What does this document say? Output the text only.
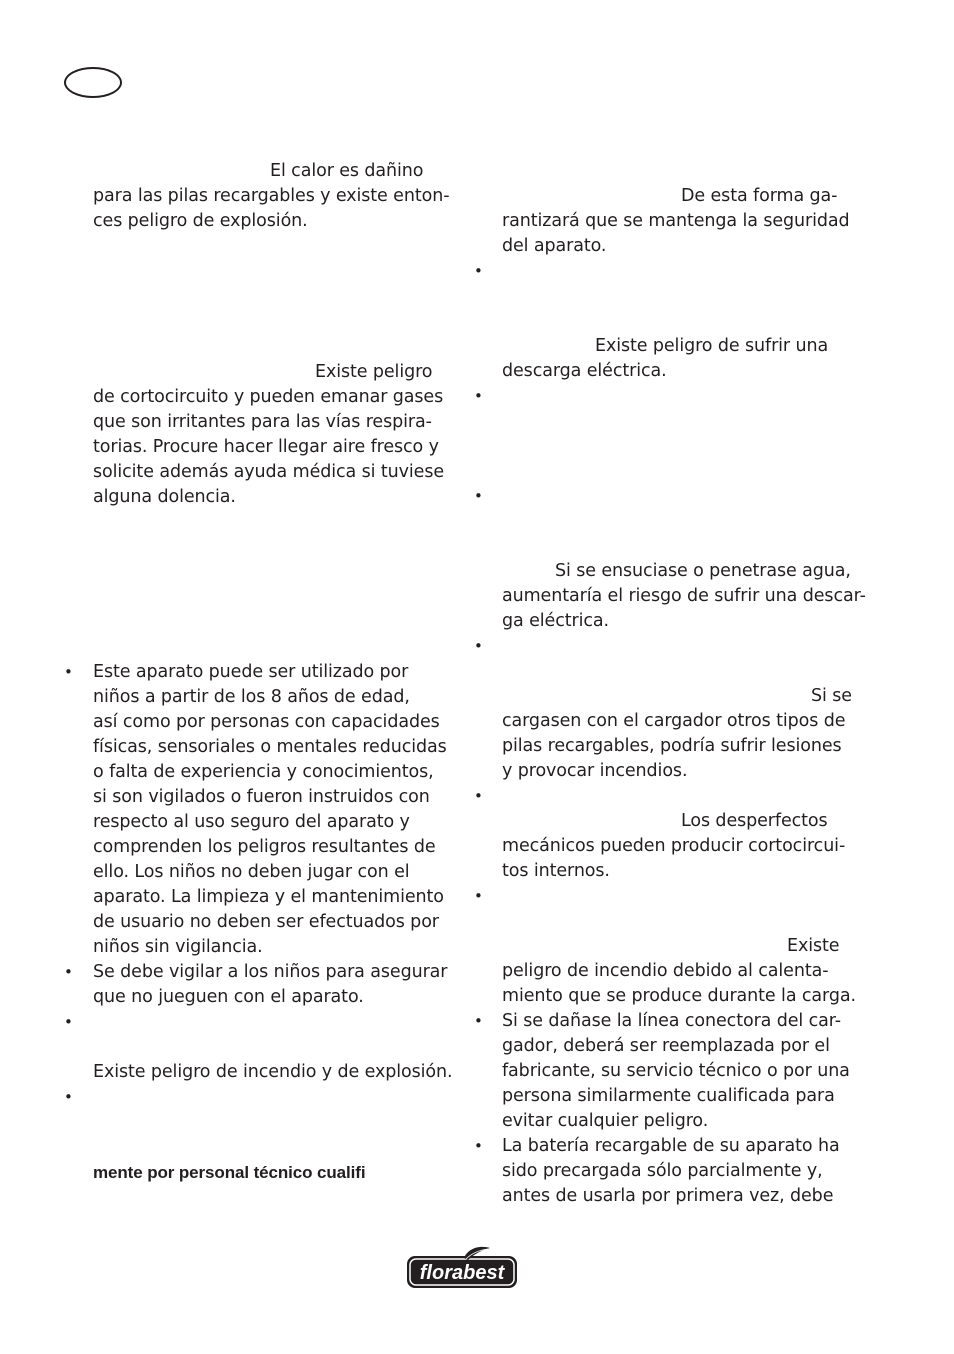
El calor es dañino
para las pilas recargables y existe enton-
ces peligro de explosión.
Existe peligro
de cortocircuito y pueden emanar gases
que son irritantes para las vías respira-
torias. Procure hacer llegar aire fresco y
solicite además ayuda médica si tuviese
alguna dolencia.
• Este aparato puede ser utilizado por
niños a partir de los 8 años de edad,
así como por personas con capacidades
físicas, sensoriales o mentales reducidas
o falta de experiencia y conocimientos,
si son vigilados o fueron instruidos con
respecto al uso seguro del aparato y
comprenden los peligros resultantes de
ello. Los niños no deben jugar con el
aparato. La limpieza y el mantenimiento
de usuario no deben ser efectuados por
niños sin vigilancia.
• Se debe vigilar a los niños para asegurar
que no jueguen con el aparato.
•
Existe peligro de incendio y de explosión.
•
mente por personal técnico cualifi
De esta forma ga-
rantizará que se mantenga la seguridad
del aparato.
•
Existe peligro de sufrir una
descarga eléctrica.
•
•
Si se ensuciase o penetrase agua,
aumentaría el riesgo de sufrir una descar-
ga eléctrica.
•
Si se
cargasen con el cargador otros tipos de
pilas recargables, podría sufrir lesiones
y provocar incendios.
•
Los desperfectos
mecánicos pueden producir cortocircui-
tos internos.
•
Existe
peligro de incendio debido al calenta-
miento que se produce durante la carga.
• Si se dañase la línea conectora del car-
gador, deberá ser reemplazada por el
fabricante, su servicio técnico o por una
persona similarmente cualificada para
evitar cualquier peligro.
• La batería recargable de su aparato ha
sido precargada sólo parcialmente y,
antes de usarla por primera vez, debe
florabest
